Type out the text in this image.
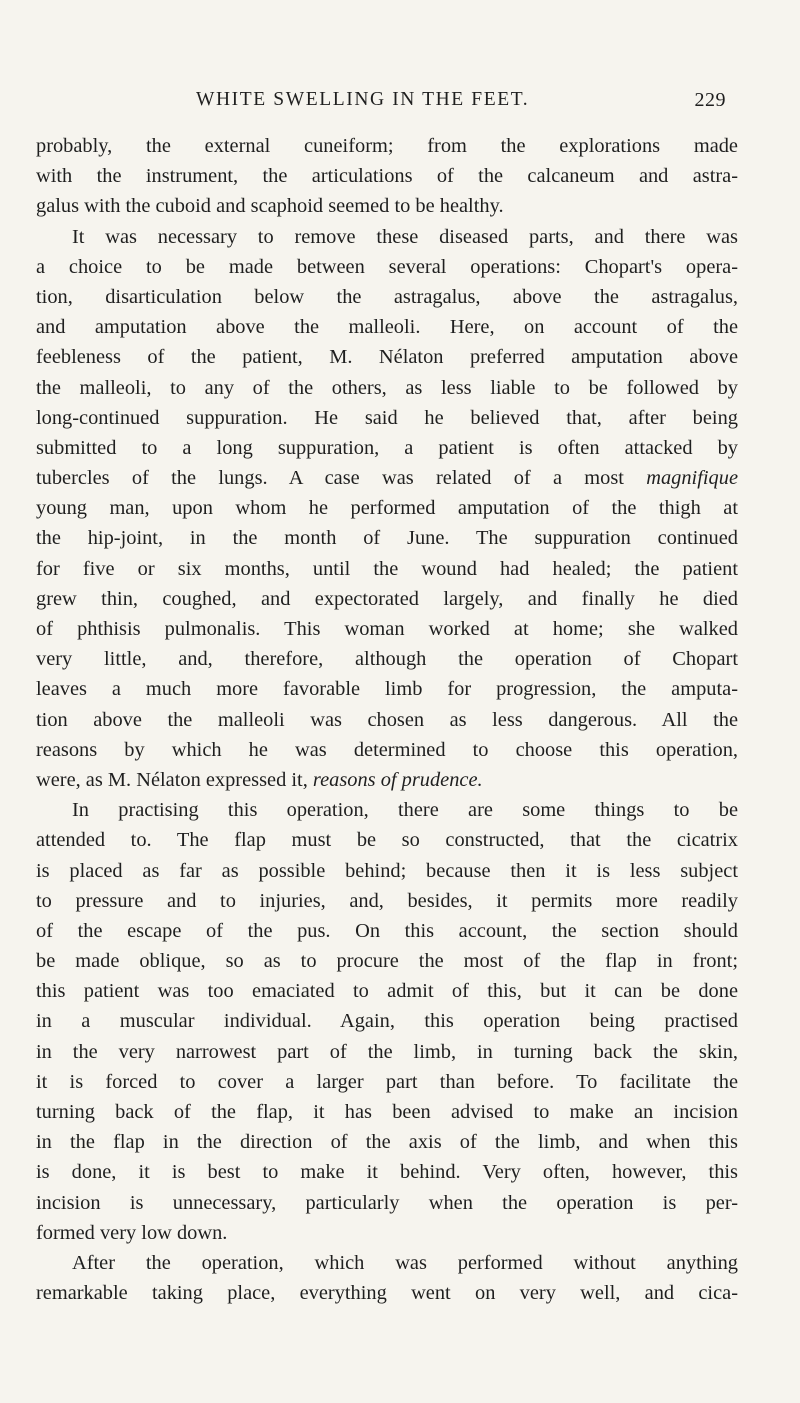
WHITE SWELLING IN THE FEET.	229
probably, the external cuneiform; from the explorations made
with the instrument, the articulations of the calcaneum and astra-
galus with the cuboid and scaphoid seemed to be healthy.
It was necessary to remove these diseased parts, and there was
a choice to be made between several operations: Chopart's opera-
tion, disarticulation below the astragalus, above the astragalus,
and amputation above the malleoli. Here, on account of the
feebleness of the patient, M. Nélaton preferred amputation above
the malleoli, to any of the others, as less liable to be followed by
long-continued suppuration. He said he believed that, after being
submitted to a long suppuration, a patient is often attacked by
tubercles of the lungs. A case was related of a most magnifique
young man, upon whom he performed amputation of the thigh at
the hip-joint, in the month of June. The suppuration continued
for five or six months, until the wound had healed; the patient
grew thin, coughed, and expectorated largely, and finally he died
of phthisis pulmonalis. This woman worked at home; she walked
very little, and, therefore, although the operation of Chopart
leaves a much more favorable limb for progression, the amputa-
tion above the malleoli was chosen as less dangerous. All the
reasons by which he was determined to choose this operation,
were, as M. Nélaton expressed it, reasons of prudence.
In practising this operation, there are some things to be
attended to. The flap must be so constructed, that the cicatrix
is placed as far as possible behind; because then it is less subject
to pressure and to injuries, and, besides, it permits more readily
of the escape of the pus. On this account, the section should
be made oblique, so as to procure the most of the flap in front;
this patient was too emaciated to admit of this, but it can be done
in a muscular individual. Again, this operation being practised
in the very narrowest part of the limb, in turning back the skin,
it is forced to cover a larger part than before. To facilitate the
turning back of the flap, it has been advised to make an incision
in the flap in the direction of the axis of the limb, and when this
is done, it is best to make it behind. Very often, however, this
incision is unnecessary, particularly when the operation is per-
formed very low down.
After the operation, which was performed without anything
remarkable taking place, everything went on very well, and cica-
